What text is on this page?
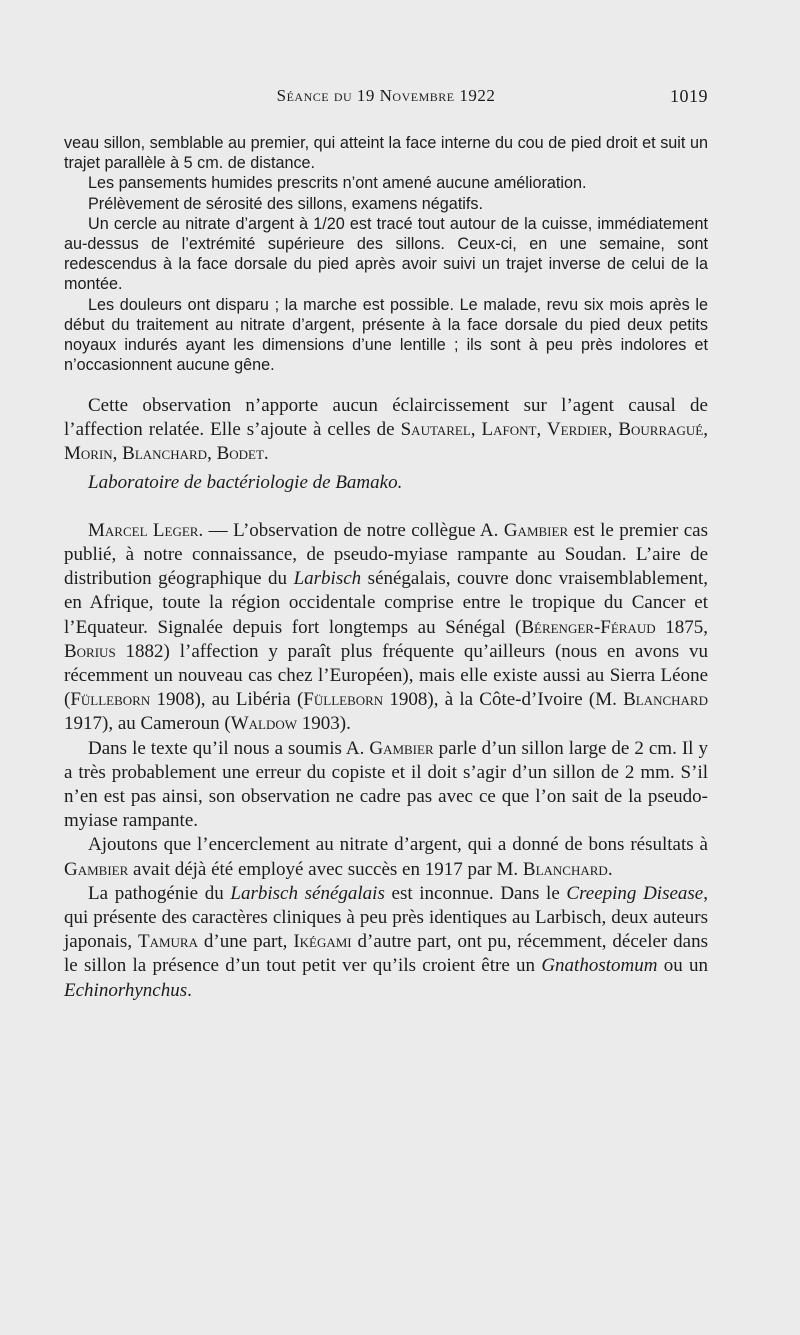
Séance du 19 Novembre 1922	1019

veau sillon, semblable au premier, qui atteint la face interne du cou de pied droit et suit un trajet parallèle à 5 cm. de distance.

Les pansements humides prescrits n’ont amené aucune amélioration.

Prélèvement de sérosité des sillons, examens négatifs.

Un cercle au nitrate d’argent à 1/20 est tracé tout autour de la cuisse, immédiatement au-dessus de l’extrémité supérieure des sillons. Ceux-ci, en une semaine, sont redescendus à la face dorsale du pied après avoir suivi un trajet inverse de celui de la montée.

Les douleurs ont disparu ; la marche est possible. Le malade, revu six mois après le début du traitement au nitrate d’argent, présente à la face dorsale du pied deux petits noyaux indurés ayant les dimensions d’une lentille ; ils sont à peu près indolores et n’occasionnent aucune gêne.

Cette observation n’apporte aucun éclaircissement sur l’agent causal de l’affection relatée. Elle s’ajoute à celles de Sautarel, Lafont, Verdier, Bourragué, Morin, Blanchard, Bodet.

Laboratoire de bactériologie de Bamako.

Marcel Leger. — L’observation de notre collègue A. Gambier est le premier cas publié, à notre connaissance, de pseudo-myiase rampante au Soudan. L’aire de distribution géographique du Larbisch sénégalais, couvre donc vraisemblablement, en Afrique, toute la région occidentale comprise entre le tropique du Cancer et l’Equateur. Signalée depuis fort longtemps au Sénégal (Bérenger-Féraud 1875, Borius 1882) l’affection y paraît plus fréquente qu’ailleurs (nous en avons vu récemment un nouveau cas chez l’Européen), mais elle existe aussi au Sierra Léone (Fülleborn 1908), au Libéria (Fülleborn 1908), à la Côte-d’Ivoire (M. Blanchard 1917), au Cameroun (Waldow 1903).

Dans le texte qu’il nous a soumis A. Gambier parle d’un sillon large de 2 cm. Il y a très probablement une erreur du copiste et il doit s’agir d’un sillon de 2 mm. S’il n’en est pas ainsi, son observation ne cadre pas avec ce que l’on sait de la pseudo-myiase rampante.

Ajoutons que l’encerclement au nitrate d’argent, qui a donné de bons résultats à Gambier avait déjà été employé avec succès en 1917 par M. Blanchard.

La pathogénie du Larbisch sénégalais est inconnue. Dans le Creeping Disease, qui présente des caractères cliniques à peu près identiques au Larbisch, deux auteurs japonais, Tamura d’une part, Ikégami d’autre part, ont pu, récemment, déceler dans le sillon la présence d’un tout petit ver qu’ils croient être un Gnathostomum ou un Echinorhynchus.
